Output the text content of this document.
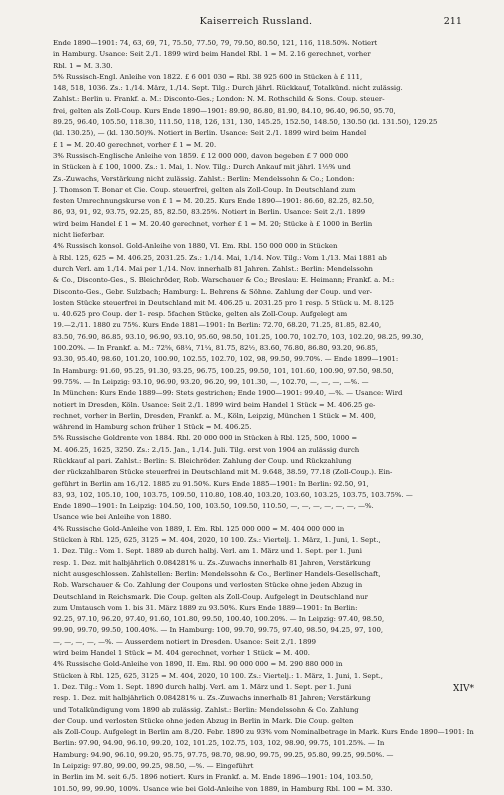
Kaiserreich Russland.	211
Ende 1890—1901: 74, 63, 69, 71, 75.50, 77.50, 79, 79.50, 80.50, 121, 116, 118.50%. Notiert
in Hamburg. Usance: Seit 2./1. 1899 wird beim Handel Rbl. 1 = M. 2.16 gerechnet, vorher
Rbl. 1 = M. 3.30.
5% Russisch-Engl. Anleihe von 1822. £ 6 001 030 = Rbl. 38 925 600 in Stücken à £ 111,
148, 518, 1036. Zs.: 1./14. März, 1./14. Sept. Tilg.: Durch jährl. Rückkauf, Totalkünd. nicht zulässig.
Zahlst.: Berlin u. Frankf. a. M.: Disconto-Ges.; London: N. M. Rothschild & Sons. Coup. steuer-
frei, gelten als Zoll-Coup. Kurs Ende 1890—1901: 89.90, 86.80, 81.90, 84.10, 96.40, 96.50, 95.70,
89.25, 96.40, 105.50, 118.30, 111.50, 118, 126, 131, 130, 145.25, 152.50, 148.50, 130.50 (kl. 131.50), 129.25
(kl. 130.25), — (kl. 130.50)%. Notiert in Berlin. Usance: Seit 2./1. 1899 wird beim Handel
£ 1 = M. 20.40 gerechnet, vorher £ 1 = M. 20.
3% Russisch-Englische Anleihe von 1859. £ 12 000 000, davon begeben £ 7 000 000
in Stücken à £ 100, 1000. Zs.: 1. Mai, 1. Nov. Tilg.: Durch Ankauf mit jährl. 1½% und
Zs.-Zuwachs, Verstärkung nicht zulässig. Zahlst.: Berlin: Mendelssohn & Co.; London:
J. Thomson T. Bonar et Cie. Coup. steuerfrei, gelten als Zoll-Coup. In Deutschland zum
festen Umrechnungskurse von £ 1 = M. 20.25. Kurs Ende 1890—1901: 86.60, 82.25, 82.50,
86, 93, 91, 92, 93.75, 92.25, 85, 82.50, 83.25%. Notiert in Berlin. Usance: Seit 2./1. 1899
wird beim Handel £ 1 = M. 20.40 gerechnet, vorher £ 1 = M. 20; Stücke à £ 1000 in Berlin
nicht lieferbar.
4% Russisch konsol. Gold-Anleihe von 1880, VI. Em. Rbl. 150 000 000 in Stücken
à Rbl. 125, 625 = M. 406.25, 2031.25. Zs.: 1./14. Mai, 1./14. Nov. Tilg.: Vom 1./13. Mai 1881 ab
durch Verl. am 1./14. Mai per 1./14. Nov. innerhalb 81 Jahren. Zahlst.: Berlin: Mendelssohn
& Co., Disconto-Ges., S. Bleichröder, Rob. Warschauer & Co.; Breslau: E. Heimann; Frankf. a. M.:
Disconto-Ges., Gebr. Sulzbach; Hamburg: L. Behrens & Söhne. Zahlung der Coup. und ver-
losten Stücke steuerfrei in Deutschland mit M. 406.25 u. 2031.25 pro 1 resp. 5 Stück u. M. 8.125
u. 40.625 pro Coup. der 1- resp. 5fachen Stücke, gelten als Zoll-Coup. Aufgelegt am
19.—2./11. 1880 zu 75%. Kurs Ende 1881—1901: In Berlin: 72.70, 68.20, 71.25, 81.85, 82.40,
83.50, 76.90, 86.85, 93.10, 96.90, 93.10, 95.60, 98.50, 101.25, 100.70, 102.70, 103, 102.20, 98.25, 99.30,
100.20%. — In Frankf. a. M.: 72⅝, 68¼, 71¼, 81.75, 82½, 83.60, 76.80, 86.80, 93.20, 96.85,
93.30, 95.40, 98.60, 101.20, 100.90, 102.55, 102.70, 102, 98, 99.50, 99.70%. — Ende 1899—1901:
In Hamburg: 91.60, 95.25, 91.30, 93.25, 96.75, 100.25, 99.50, 101, 101.60, 100.90, 97.50, 98.50,
99.75%. — In Leipzig: 93.10, 96.90, 93.20, 96.20, 99, 101.30, —, 102.70, —, —, —, —%. —
In München: Kurs Ende 1889—99: Stets gestrichen; Ende 1900—1901: 99.40, —%. — Usance: Wird
notiert in Dresden, Köln. Usance: Seit 2./1. 1899 wird beim Handel 1 Stück = M. 406.25 ge-
rechnet, vorher in Berlin, Dresden, Frankf. a. M., Köln, Leipzig, München 1 Stück = M. 400,
während in Hamburg schon früher 1 Stück = M. 406.25.
5% Russische Goldrente von 1884. Rbl. 20 000 000 in Stücken à Rbl. 125, 500, 1000 =
M. 406.25, 1625, 3250. Zs.: 2./15. Jan., 1./14. Juli. Tilg. erst von 1904 an zulässig durch
Rückkauf al pari. Zahlst.: Berlin: S. Bleichröder. Zahlung der Coup. und Rückzahlung
der rückzahlbaren Stücke steuerfrei in Deutschland mit M. 9.648, 38.59, 77.18 (Zoll-Coup.). Ein-
geführt in Berlin am 16./12. 1885 zu 91.50%. Kurs Ende 1885—1901: In Berlin: 92.50, 91,
83, 93, 102, 105.10, 100, 103.75, 109.50, 110.80, 108.40, 103.20, 103.60, 103.25, 103.75, 103.75%. —
Ende 1890—1901: In Leipzig: 104.50, 100, 103.50, 109.50, 110.50, —, —, —, —, —, —, —%.
Usance wie bei Anleihe von 1880.
4% Russische Gold-Anleihe von 1889, I. Em. Rbl. 125 000 000 = M. 404 000 000 in
Stücken à Rbl. 125, 625, 3125 = M. 404, 2020, 10 100. Zs.: Viertelj. 1. März, 1. Juni, 1. Sept.,
1. Dez. Tilg.: Vom 1. Sept. 1889 ab durch halbj. Verl. am 1. März und 1. Sept. per 1. Juni
resp. 1. Dez. mit halbjährlich 0.084281% u. Zs.-Zuwachs innerhalb 81 Jahren, Verstärkung
nicht ausgeschlossen. Zahlstellen: Berlin: Mendelssohn & Co., Berliner Handels-Gesellschaft,
Rob. Warschauer & Co. Zahlung der Coupons und verlosten Stücke ohne jeden Abzug in
Deutschland in Reichsmark. Die Coup. gelten als Zoll-Coup. Aufgelegt in Deutschland nur
zum Umtausch vom 1. bis 31. März 1889 zu 93.50%. Kurs Ende 1889—1901: In Berlin:
92.25, 97.10, 96.20, 97.40, 91.60, 101.80, 99.50, 100.40, 100.20%. — In Leipzig: 97.40, 98.50,
99.90, 99.70, 99.50, 100.40%. — In Hamburg: 100, 99.70, 99.75, 97.40, 98.50, 94.25, 97, 100,
—, —, —, —, —%. — Ausserdem notiert in Dresden. Usance: Seit 2./1. 1899
wird beim Handel 1 Stück = M. 404 gerechnet, vorher 1 Stück = M. 400.
4% Russische Gold-Anleihe von 1890, II. Em. Rbl. 90 000 000 = M. 290 880 000 in
Stücken à Rbl. 125, 625, 3125 = M. 404, 2020, 10 100. Zs.: Viertelj.: 1. März, 1. Juni, 1. Sept.,
1. Dez. Tilg.: Vom 1. Sept. 1890 durch halbj. Verl. am 1. März und 1. Sept. per 1. Juni
resp. 1. Dez. mit halbjährlich 0.084281% u. Zs.-Zuwachs innerhalb 81 Jahren; Verstärkung
und Totalkündigung vom 1890 ab zulässig. Zahlst.: Berlin: Mendelssohn & Co. Zahlung
der Coup. und verlosten Stücke ohne jeden Abzug in Berlin in Mark. Die Coup. gelten
als Zoll-Coup. Aufgelegt in Berlin am 8./20. Febr. 1890 zu 93% vom Nominalbetrage in Mark. Kurs Ende 1890—1901: In
Berlin: 97.90, 94.90, 96.10, 99.20, 102, 101.25, 102.75, 103, 102, 98.90, 99.75, 101.25%. — In
Hamburg: 94.90, 96.10, 99.20, 95.75, 97.75, 98.70, 98.90, 99.75, 99.25, 95.80, 99.25, 99.50%. —
In Leipzig: 97.80, 99.00, 99.25, 98.50, —%. — Eingeführt
in Berlin im M. seit 6./5. 1896 notiert. Kurs in Frankf. a. M. Ende 1896—1901: 104, 103.50,
101.50, 99, 99.90, 100%. Usance wie bei Gold-Anleihe von 1889, in Hamburg Rbl. 100 = M. 330.
XIV*
